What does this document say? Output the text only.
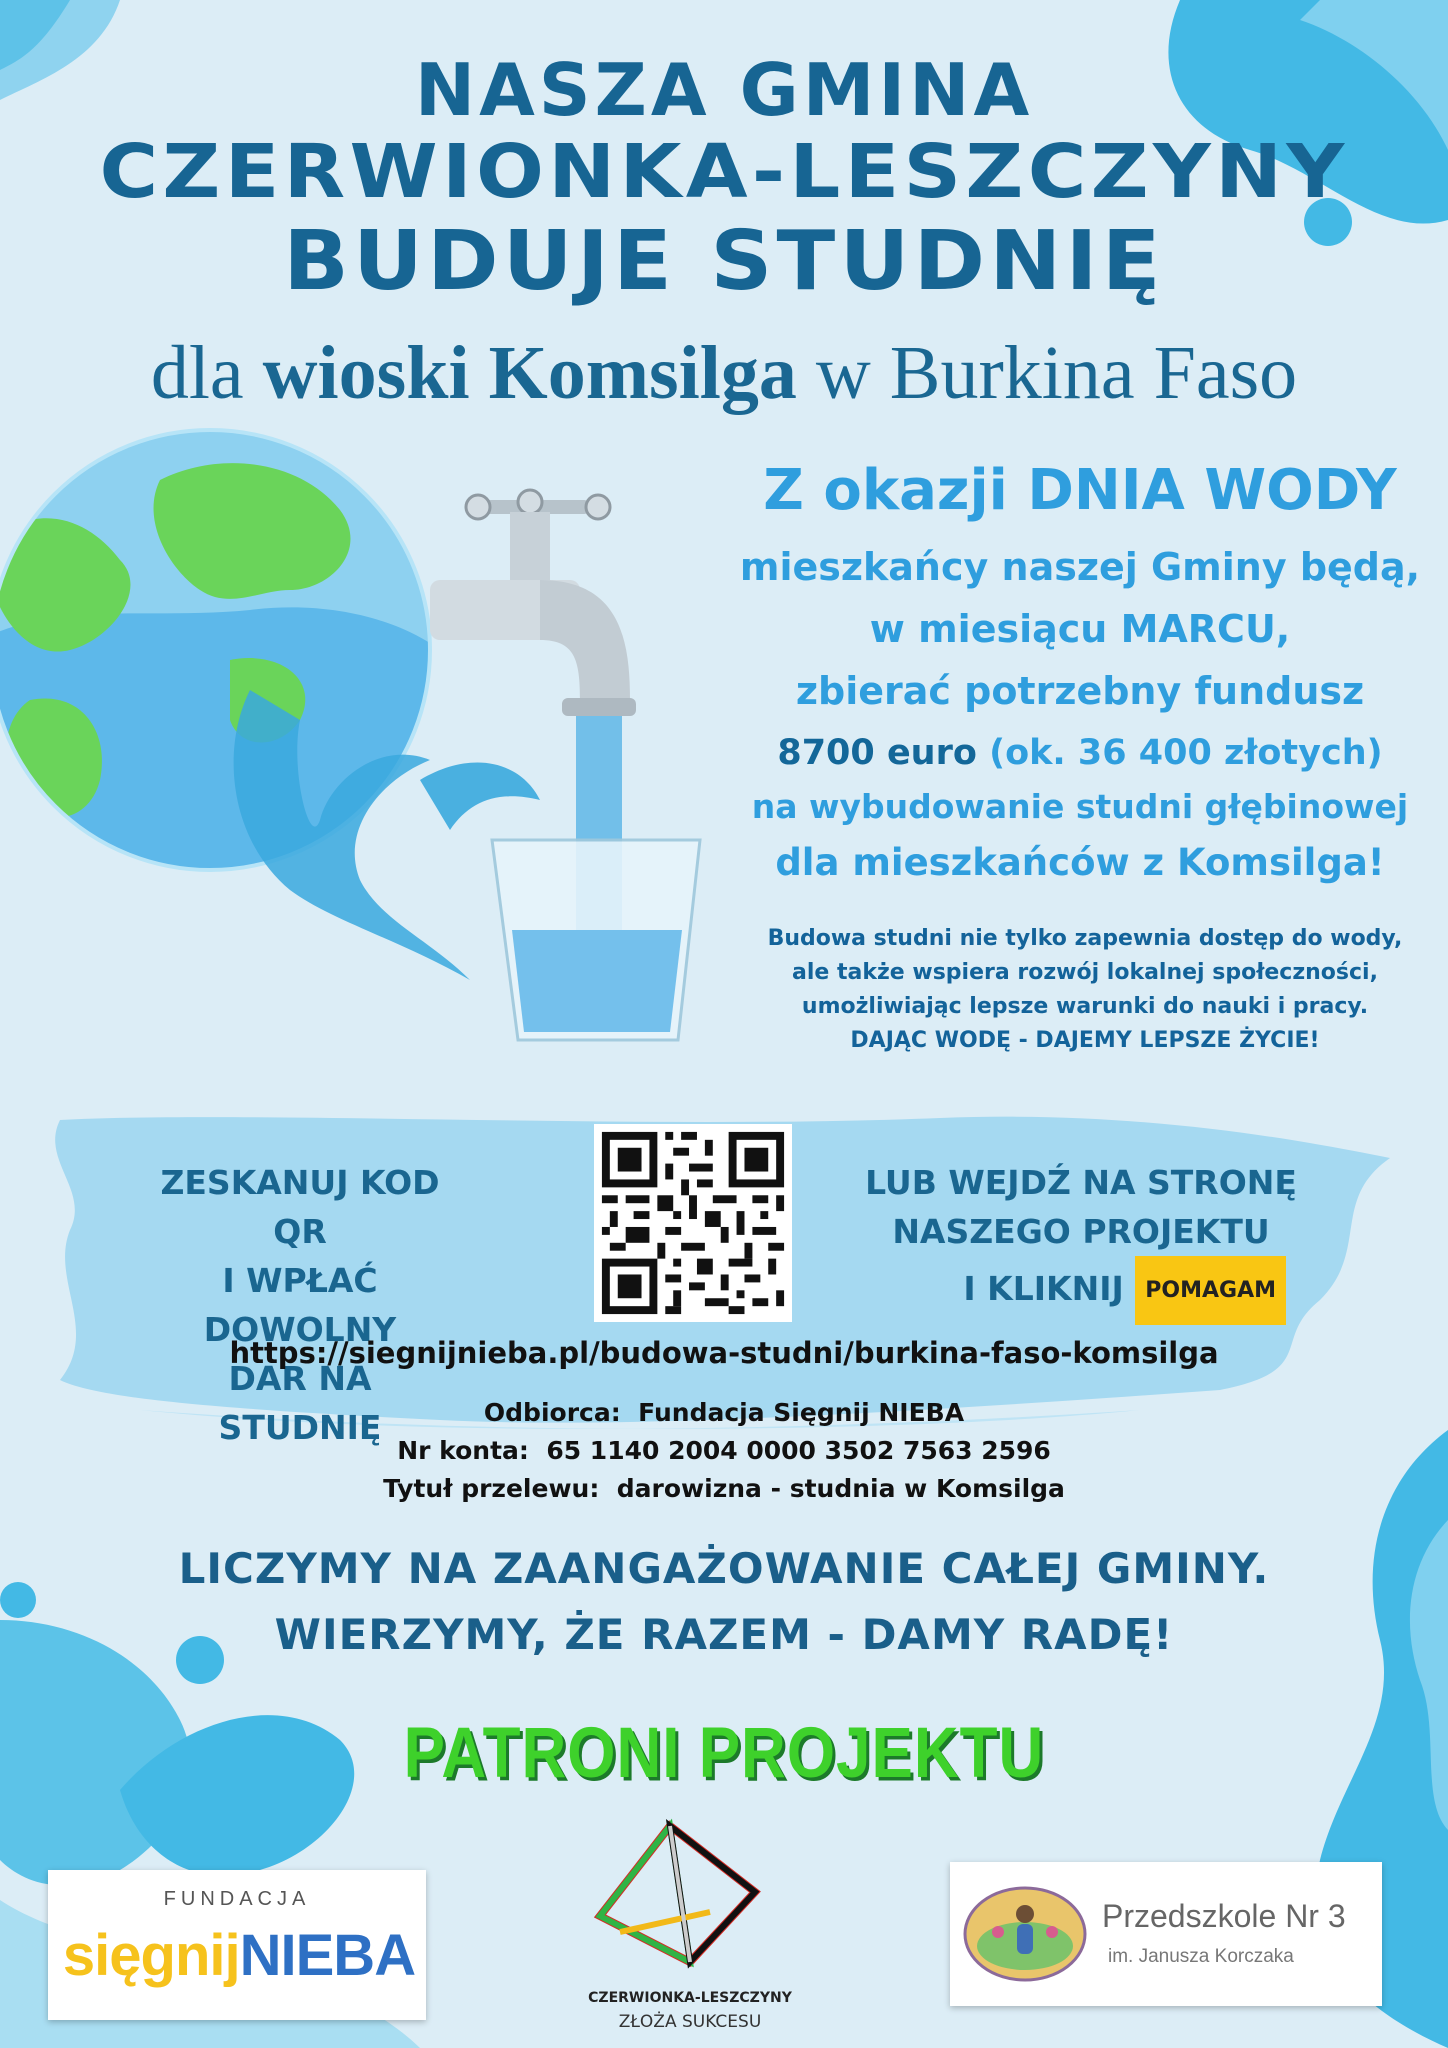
NASZA GMINA
CZERWIONKA-LESZCZYNY
BUDUJE STUDNIĘ
dla wioski Komsilga w Burkina Faso
Z okazji DNIA WODY
mieszkańcy naszej Gminy będą,
w miesiącu MARCU,
zbierać potrzebny fundusz
8700 euro (ok. 36 400 złotych)
na wybudowanie studni głębinowej
dla mieszkańców z Komsilga!
Budowa studni nie tylko zapewnia dostęp do wody,
ale także wspiera rozwój lokalnej społeczności,
umożliwiając lepsze warunki do nauki i pracy.
DAJĄC WODĘ - DAJEMY LEPSZE ŻYCIE!
ZESKANUJ KOD QR
I WPŁAĆ DOWOLNY
DAR NA STUDNIĘ
LUB WEJDŹ NA STRONĘ
NASZEGO PROJEKTU
I KLIKNIJ POMAGAM
https://siegnijnieba.pl/budowa-studni/burkina-faso-komsilga
Odbiorca: Fundacja Sięgnij NIEBA
Nr konta: 65 1140 2004 0000 3502 7563 2596
Tytuł przelewu: darowizna - studnia w Komsilga
LICZYMY NA ZAANGAŻOWANIE CAŁEJ GMINY.
WIERZYMY, ŻE RAZEM - DAMY RADĘ!
PATRONI PROJEKTU
FUNDACJA
sięgnijNIEBA
CZERWIONKA-LESZCZYNY
ZŁOŻA SUKCESU
Przedszkole Nr 3
im. Janusza Korczaka
